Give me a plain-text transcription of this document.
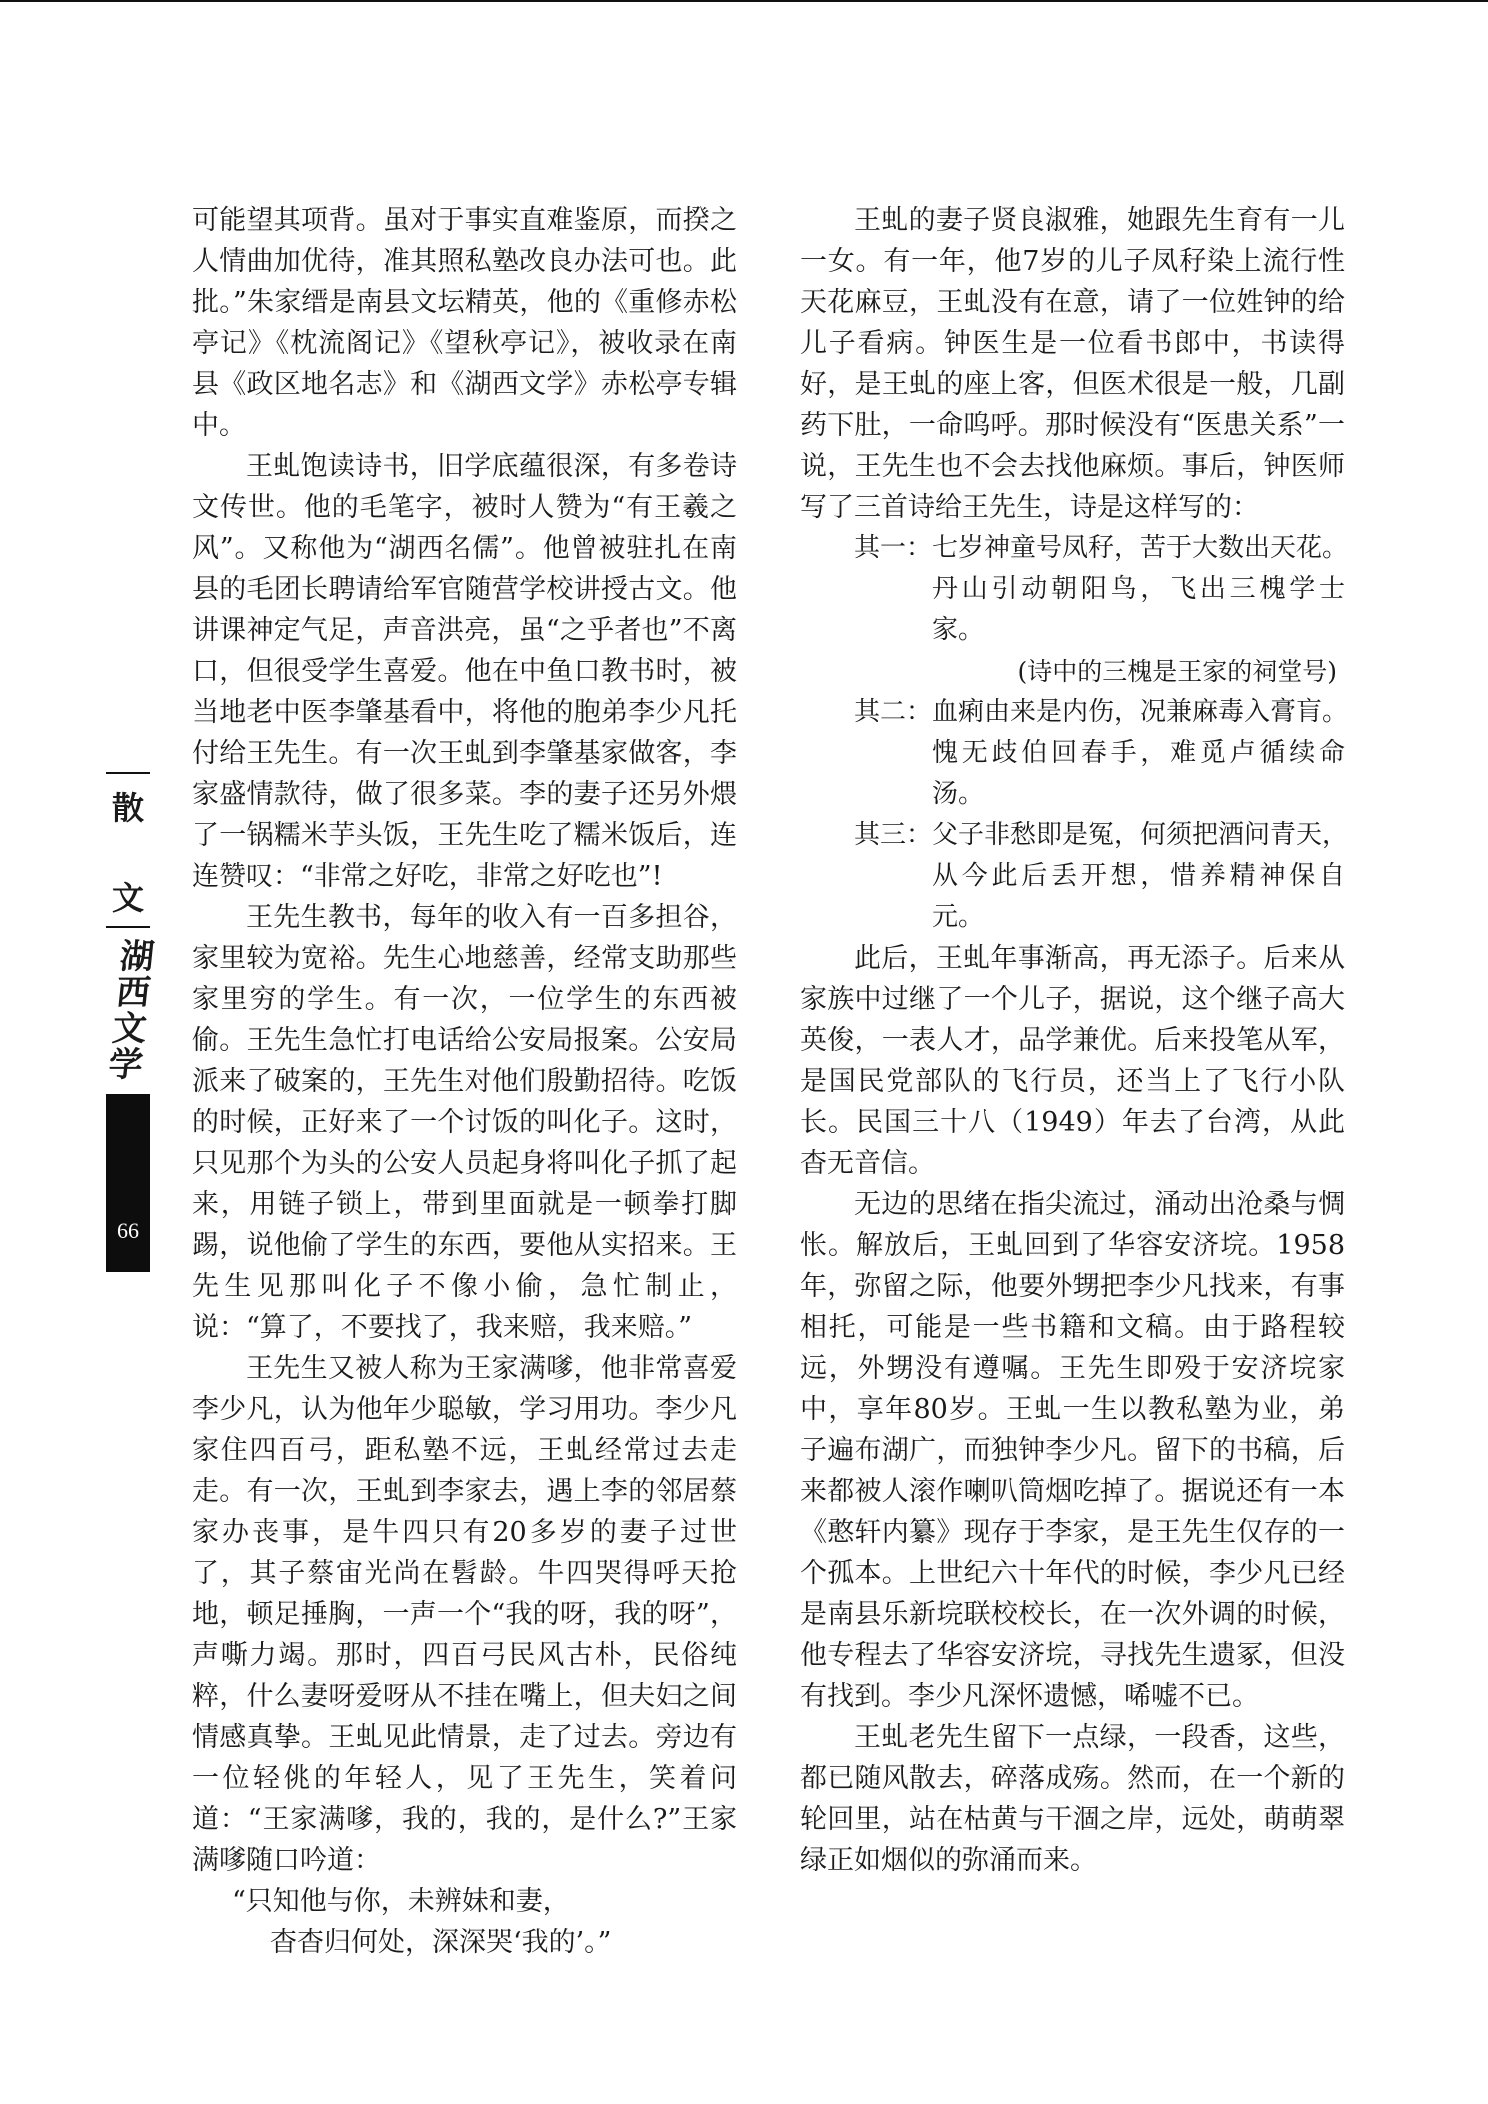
可能望其项背。虽对于事实直难鉴原，而揆之人情曲加优待，准其照私塾改良办法可也。此批。”朱家缙是南县文坛精英，他的《重修赤松亭记》《枕流阁记》《望秋亭记》，被收录在南县《政区地名志》和《湖西文学》赤松亭专辑中。

王虬饱读诗书，旧学底蕴很深，有多卷诗文传世。他的毛笔字，被时人赞为“有王羲之风”。又称他为“湖西名儒”。他曾被驻扎在南县的毛团长聘请给军官随营学校讲授古文。他讲课神定气足，声音洪亮，虽“之乎者也”不离口，但很受学生喜爱。他在中鱼口教书时，被当地老中医李肇基看中，将他的胞弟李少凡托付给王先生。有一次王虬到李肇基家做客，李家盛情款待，做了很多菜。李的妻子还另外煨了一锅糯米芋头饭，王先生吃了糯米饭后，连连赞叹：“非常之好吃，非常之好吃也”!

王先生教书，每年的收入有一百多担谷，家里较为宽裕。先生心地慈善，经常支助那些家里穷的学生。有一次，一位学生的东西被偷。王先生急忙打电话给公安局报案。公安局派来了破案的，王先生对他们殷勤招待。吃饭的时候，正好来了一个讨饭的叫化子。这时，只见那个为头的公安人员起身将叫化子抓了起来，用链子锁上，带到里面就是一顿拳打脚踢，说他偷了学生的东西，要他从实招来。王先生见那叫化子不像小偷，急忙制止，说：“算了，不要找了，我来赔，我来赔。”

王先生又被人称为王家满嗲，他非常喜爱李少凡，认为他年少聪敏，学习用功。李少凡家住四百弓，距私塾不远，王虬经常过去走走。有一次，王虬到李家去，遇上李的邻居蔡家办丧事，是牛四只有20多岁的妻子过世了，其子蔡宙光尚在髫龄。牛四哭得呼天抢地，顿足捶胸，一声一个“我的呀，我的呀”，声嘶力竭。那时，四百弓民风古朴，民俗纯粹，什么妻呀爱呀从不挂在嘴上，但夫妇之间情感真挚。王虬见此情景，走了过去。旁边有一位轻佻的年轻人，见了王先生，笑着问道：“王家满嗲，我的，我的，是什么?”王家满嗲随口吟道：

“只知他与你，未辨妹和妻，

杳杳归何处，深深哭‘我的’。”

王虬的妻子贤良淑雅，她跟先生育有一儿一女。有一年，他7岁的儿子凤秄染上流行性天花麻豆，王虬没有在意，请了一位姓钟的给儿子看病。钟医生是一位看书郎中，书读得好，是王虬的座上客，但医术很是一般，几副药下肚，一命呜呼。那时候没有“医患关系”一说，王先生也不会去找他麻烦。事后，钟医师写了三首诗给王先生，诗是这样写的：

其一： 七岁神童号凤秄，苦于大数出天花。
丹山引动朝阳鸟，飞出三槐学士家。
(诗中的三槐是王家的祠堂号)
其二： 血痢由来是内伤，况兼麻毒入膏肓。
愧无歧伯回春手，难觅卢循续命汤。
其三： 父子非愁即是冤，何须把酒问青天，
从今此后丢开想，惜养精神保自元。

此后，王虬年事渐高，再无添子。后来从家族中过继了一个儿子，据说，这个继子高大英俊，一表人才，品学兼优。后来投笔从军，是国民党部队的飞行员，还当上了飞行小队长。民国三十八（1949）年去了台湾，从此杳无音信。

无边的思绪在指尖流过，涌动出沧桑与惆怅。解放后，王虬回到了华容安济垸。1958年，弥留之际，他要外甥把李少凡找来，有事相托，可能是一些书籍和文稿。由于路程较远，外甥没有遵嘱。王先生即殁于安济垸家中，享年80岁。王虬一生以教私塾为业，弟子遍布湖广，而独钟李少凡。留下的书稿，后来都被人滚作喇叭筒烟吃掉了。据说还有一本《憨轩内纂》现存于李家，是王先生仅存的一个孤本。上世纪六十年代的时候，李少凡已经是南县乐新垸联校校长，在一次外调的时候，他专程去了华容安济垸，寻找先生遗冢，但没有找到。李少凡深怀遗憾，唏嘘不已。

王虬老先生留下一点绿，一段香，这些，都已随风散去，碎落成殇。然而，在一个新的轮回里，站在枯黄与干涸之岸，远处，萌萌翠绿正如烟似的弥涌而来。

散
文
湖西文学
66
